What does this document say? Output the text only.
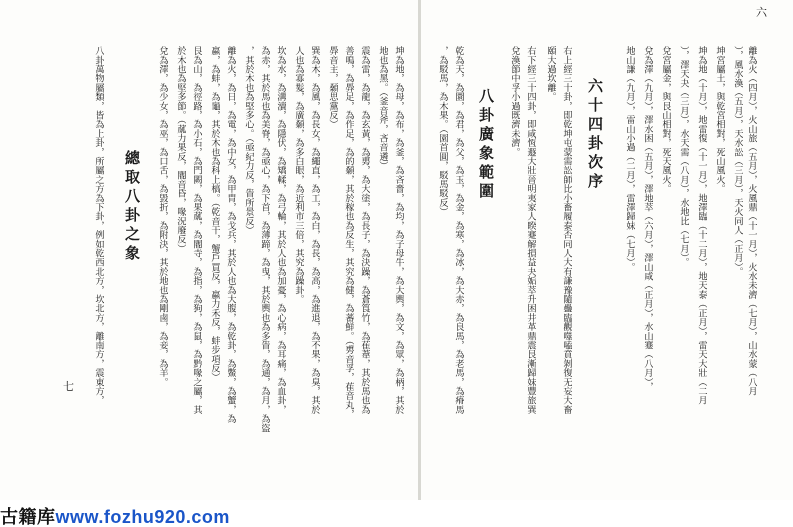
六
離為火（四月），火山旅（五月），火風鼎（十一月），火水未濟（七月），山水蒙（八月
），風水渙（五月），天水訟（三月），天火同人（正月）。
坤宮屬土，與乾宮相對，死山風火。
坤為地（十月），地雷復（十一月），地澤臨（十二月），地天泰（正月），雷天大壯（二月
），澤天夬（三月），水天需（八月），水地比（七月）。
兌宮屬金，與艮山相對，死天風火。
兌為澤（九月），澤水困（五月），澤地萃（六月），澤山咸（正月），水山蹇（八月），
地山謙（九月），雷山小過（二月），雷澤歸妹（七月）。
六十四卦次序
右上經三十卦，即乾坤屯蒙需訟師比小畜履泰否同人大有謙豫隨蠱臨觀噬嗑賁剝復无妄大畜
頤大過坎離。
右下經三十四卦，即咸恆遯大壯晉明夷家人睽蹇解損益夬姤萃升困井革鼎震艮漸歸妹豐旅巽
兌渙節中孚小過既濟未濟。
八卦廣象範圍
乾為天，為圜，為君，為父，為玉，為金，為寒，為冰，為大赤，為良馬，為老馬，為瘠馬
，為駁馬，為木果。（園首圓，駁馬駁反）
坤為地，為母，為布，為釜，為吝嗇，為均，為子母牛，為大輿，為文，為眾，為柄，其於
地也為黑。（釜音斧，吝音遴）
震為雷，為龍，為玄黃，為旉，為大塗，為長子，為決躁，為蒼筤竹，為萑葦，其於馬也為
善鳴，為馵足，為作足，為的顙，其於稼也為反生，其究為健，為蕃鮮。（旉音孚，萑音丸，
馵音主，顙思黨反）
巽為木，為風，為長女，為繩直，為工，為白，為長，為高，為進退，為不果，為臭，其於
人也為寡髮，為廣顙，為多白眼，為近利市三倍，其究為躁卦。
坎為水，為溝瀆，為隱伏，為矯輮，為弓輪，其於人也為加憂，為心病，為耳痛，為血卦，
為赤，其於馬也為美脊，為亟心，為下首，為薄蹄，為曳，其於輿也為多眚，為通，為月，為盜
，其於木也為堅多心。（亟紀力反，眚所景反）
離為火，為日，為電，為中女，為甲胄，為戈兵，其於人也為大腹，為乾卦，為鱉，為蟹，為
蠃，為蚌，為龜，其於木也為科上槁。（乾音干，蟹戶買反，蠃力禾反，蚌步項反）
艮為山，為徑路，為小石，為門闕，為果蓏，為閽寺，為指，為狗，為鼠，為黔喙之屬，其
於木也為堅多節。（蓏力果反，閽音昏，喙況廢反）
兌為澤，為少女，為巫，為口舌，為毀折，為附決，其於地也為剛鹵，為妾，為羊。
總取八卦之象
八卦萬物屬類，皆為上卦，所屬之方為下卦，例如乾西北方，坎北方，離南方，震東方，
七
古籍库www.fozhu920.com
